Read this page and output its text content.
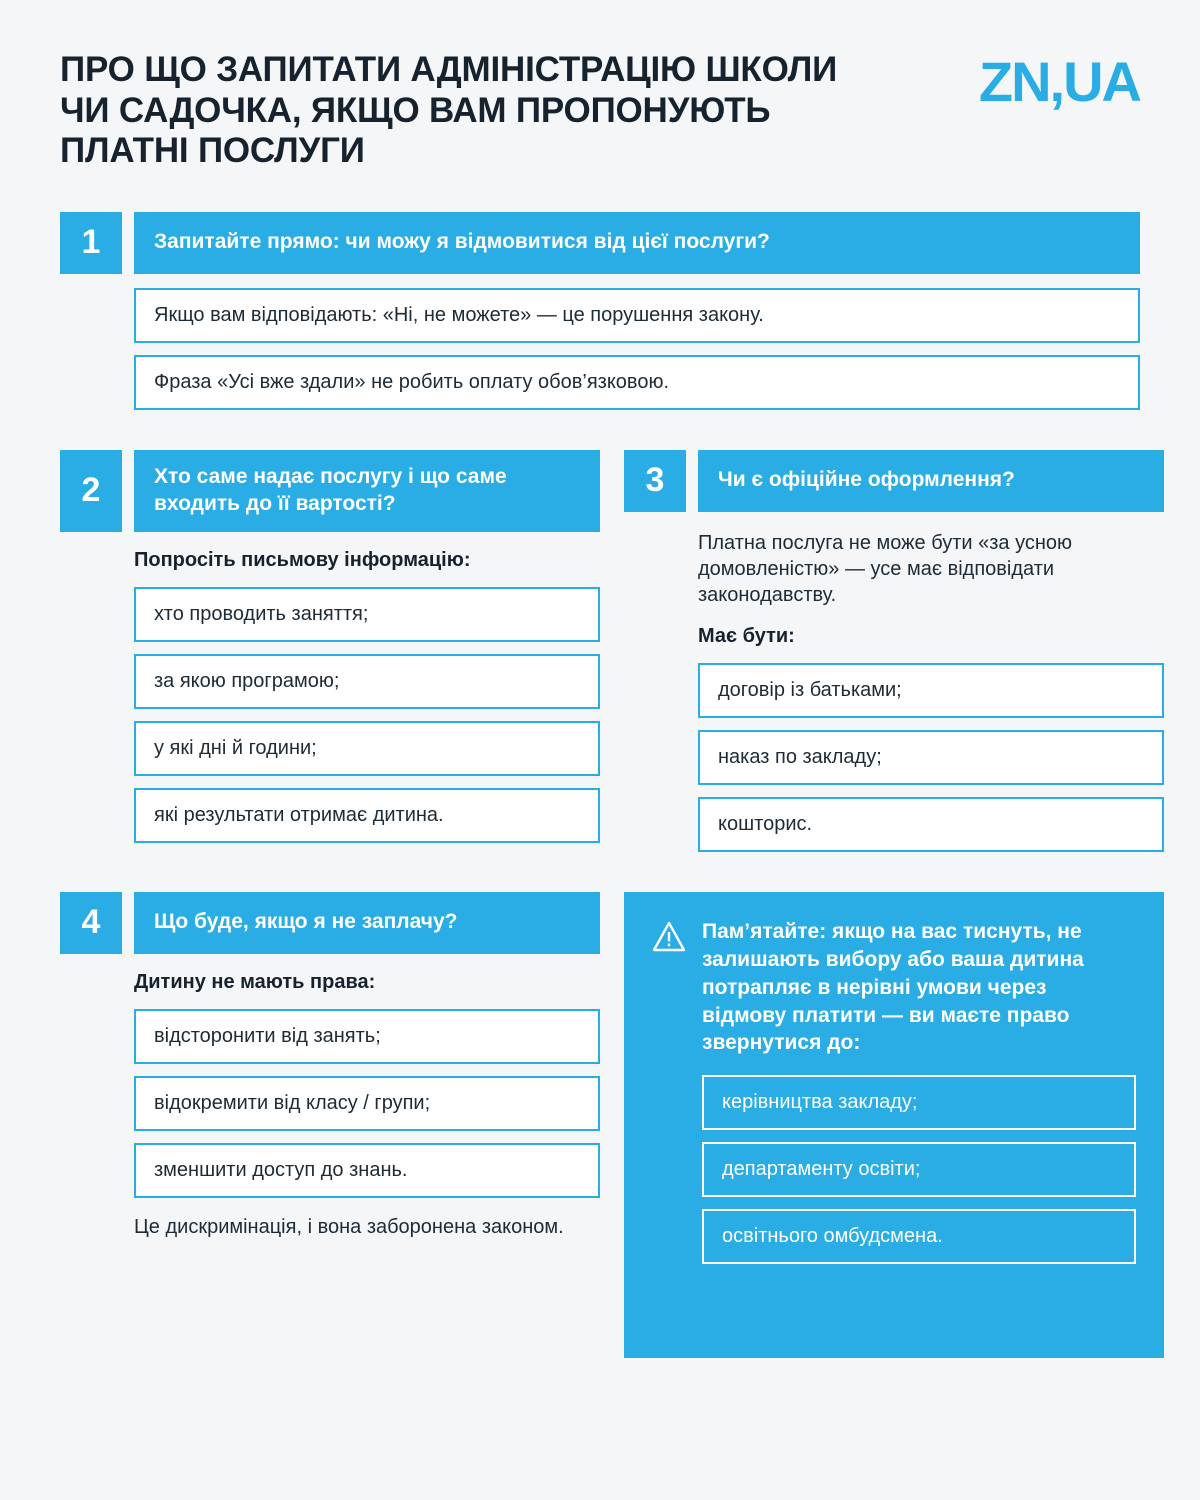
ПРО ЩО ЗАПИТАТИ АДМІНІСТРАЦІЮ ШКОЛИ ЧИ САДОЧКА, ЯКЩО ВАМ ПРОПОНУЮТЬ ПЛАТНІ ПОСЛУГИ
ZN,UA
1	Запитайте прямо: чи можу я відмовитися від цієї послуги?
Якщо вам відповідають: «Ні, не можете» — це порушення закону.
Фраза «Усі вже здали» не робить оплату обов’язковою.
2	Хто саме надає послугу і що саме входить до її вартості?
Попросіть письмову інформацію:
хто проводить заняття;
за якою програмою;
у які дні й години;
які результати отримає дитина.
3	Чи є офіційне оформлення?

Платна послуга не може бути «за усною домовленістю» — усе має відповідати законодавству.

Має бути:
договір із батьками;
наказ по закладу;
кошторис.
4	Що буде, якщо я не заплачу?
Дитину не мають права:
відсторонити від занять;
відокремити від класу / групи;
зменшити доступ до знань.
Це дискримінація, і вона заборонена законом.
Пам’ятайте: якщо на вас тиснуть, не залишають вибору або ваша дитина потрапляє в нерівні умови через відмову платити — ви маєте право звернутися до:
керівництва закладу;
департаменту освіти;
освітнього омбудсмена.
